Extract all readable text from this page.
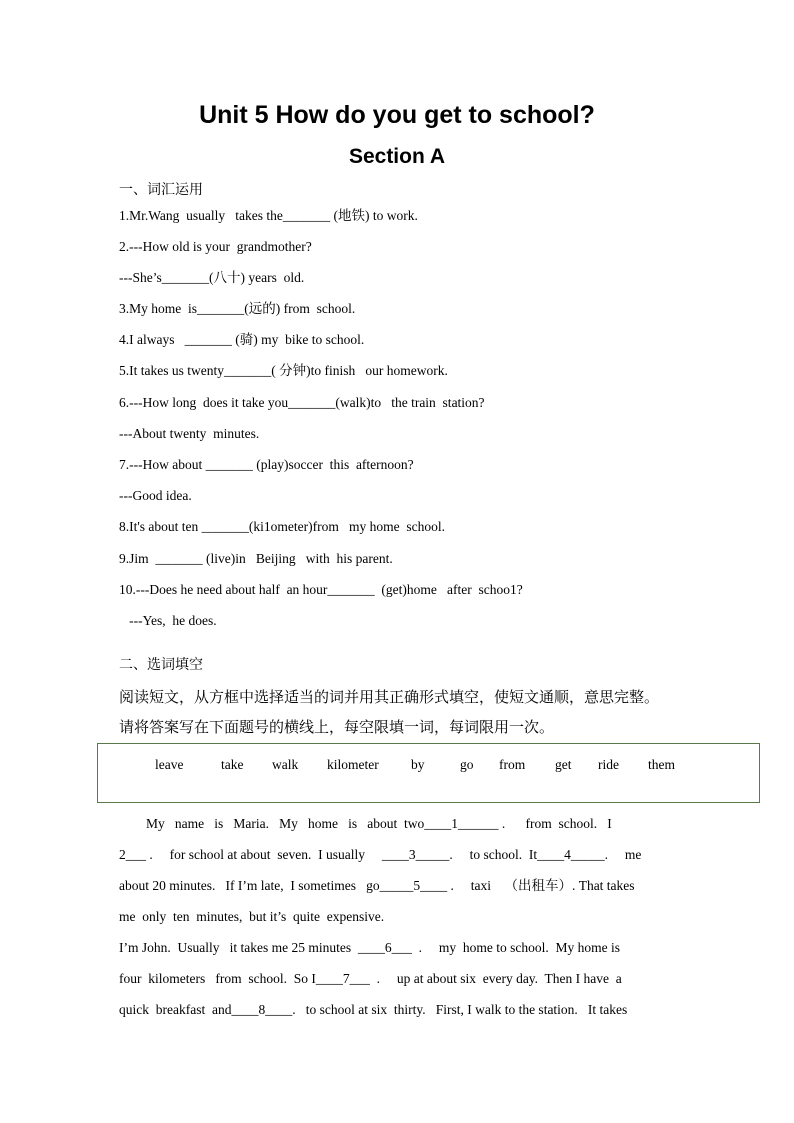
Unit 5 How do you get to school?
Section A
一、词汇运用
1.Mr.Wang  usually   takes the_______ (地铁) to work.
2.---How old is your  grandmother?
---She’s_______(八十) years  old.
3.My home  is_______(远的) from  school.
4.I always   _______ (骑) my  bike to school.
5.It takes us twenty_______( 分钟)to finish   our homework.
6.---How long  does it take you_______(walk)to   the train  station?
---About twenty  minutes.
7.---How about _______ (play)soccer  this  afternoon?
---Good idea.
8.It's about ten _______(ki1ometer)from   my home  school.
9.Jim  _______ (live)in   Beijing   with  his parent.
10.---Does he need about half  an hour_______  (get)home   after  schoo1?
---Yes,  he does.
二、选词填空
阅读短文，从方框中选择适当的词并用其正确形式填空，使短文通顺，意思完整。
请将答案写在下面题号的横线上，每空限填一词，每词限用一次。
leave	take walk kilometer by	go from get ride them
My   name   is   Maria.   My   home   is   about  two____1______ .      from  school.   I
2___ .     for school at about  seven.  I usually     ____3_____.     to school.  It____4_____.     me
about 20 minutes.   If I’m late,  I sometimes   go_____5____ .     taxi    （出租车）. That takes
me  only  ten  minutes,  but it’s  quite  expensive.
I’m John.  Usually   it takes me 25 minutes  ____6___  .     my  home to school.  My home is
four  kilometers   from  school.  So I____7___  .     up at about six  every day.  Then I have  a
quick  breakfast  and____8____.   to school at six  thirty.   First, I walk to the station.   It takes
